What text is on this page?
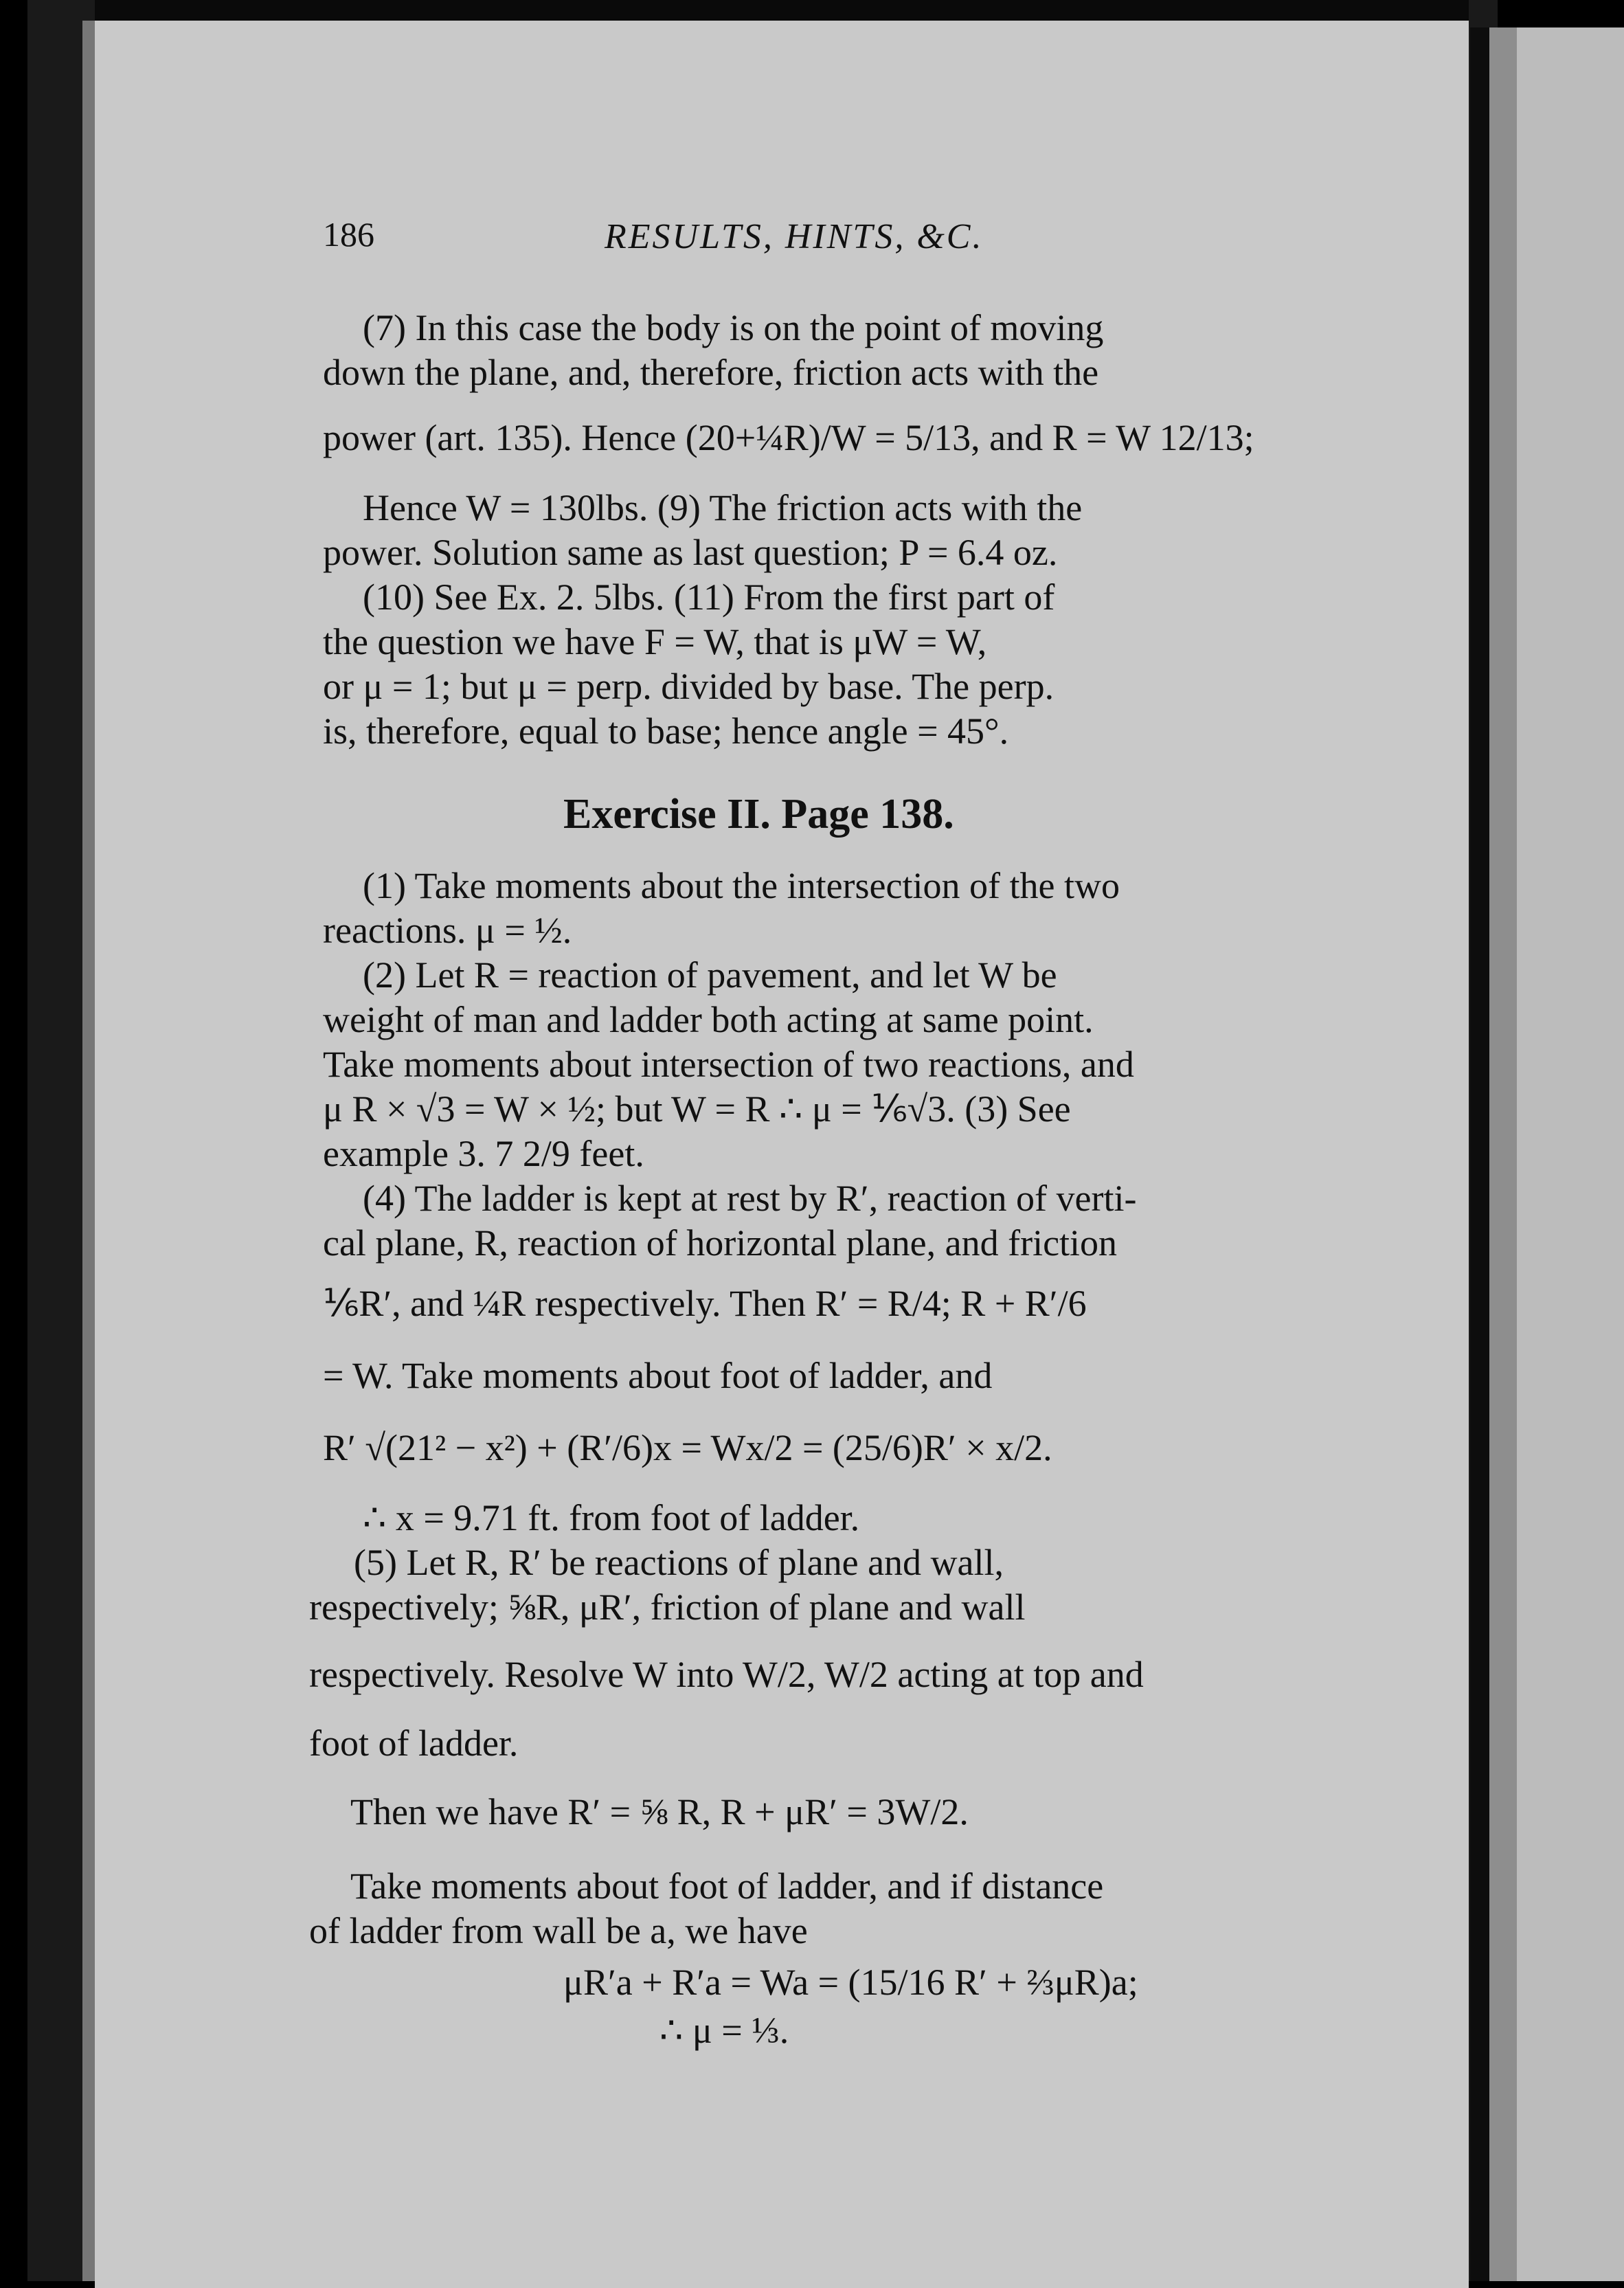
186	RESULTS, HINTS, &C.
(7) In this case the body is on the point of moving
down the plane, and, therefore, friction acts with the
power (art. 135). Hence (20+¼R)/W = 5/13, and R = W 12/13;
Hence W = 130lbs. (9) The friction acts with the
power. Solution same as last question; P = 6.4 oz.
(10) See Ex. 2. 5lbs. (11) From the first part of
the question we have F = W, that is μW = W,
or μ = 1; but μ = perp. divided by base. The perp.
is, therefore, equal to base; hence angle = 45°.
Exercise II. Page 138.
(1) Take moments about the intersection of the two
reactions. μ = ½.
(2) Let R = reaction of pavement, and let W be
weight of man and ladder both acting at same point.
Take moments about intersection of two reactions, and
μ R × √3 = W × ½; but W = R ∴ μ = ⅙√3. (3) See
example 3. 7 2/9 feet.
(4) The ladder is kept at rest by R′, reaction of verti-
cal plane, R, reaction of horizontal plane, and friction
⅙R′, and ¼R respectively. Then R′ = R/4; R + R′/6
= W. Take moments about foot of ladder, and
R′ √(21² − x²) + (R′/6)x = Wx/2 = (25/6)R′ × x/2.
∴ x = 9.71 ft. from foot of ladder.
(5) Let R, R′ be reactions of plane and wall,
respectively; ⅝R, μR′, friction of plane and wall
respectively. Resolve W into W/2, W/2 acting at top and
foot of ladder.
Then we have R′ = ⅝ R, R + μR′ = 3W/2.
Take moments about foot of ladder, and if distance
of ladder from wall be a, we have
μR′a + R′a = Wa = (15/16 R′ + ⅔μR)a;
∴ μ = ⅓.
